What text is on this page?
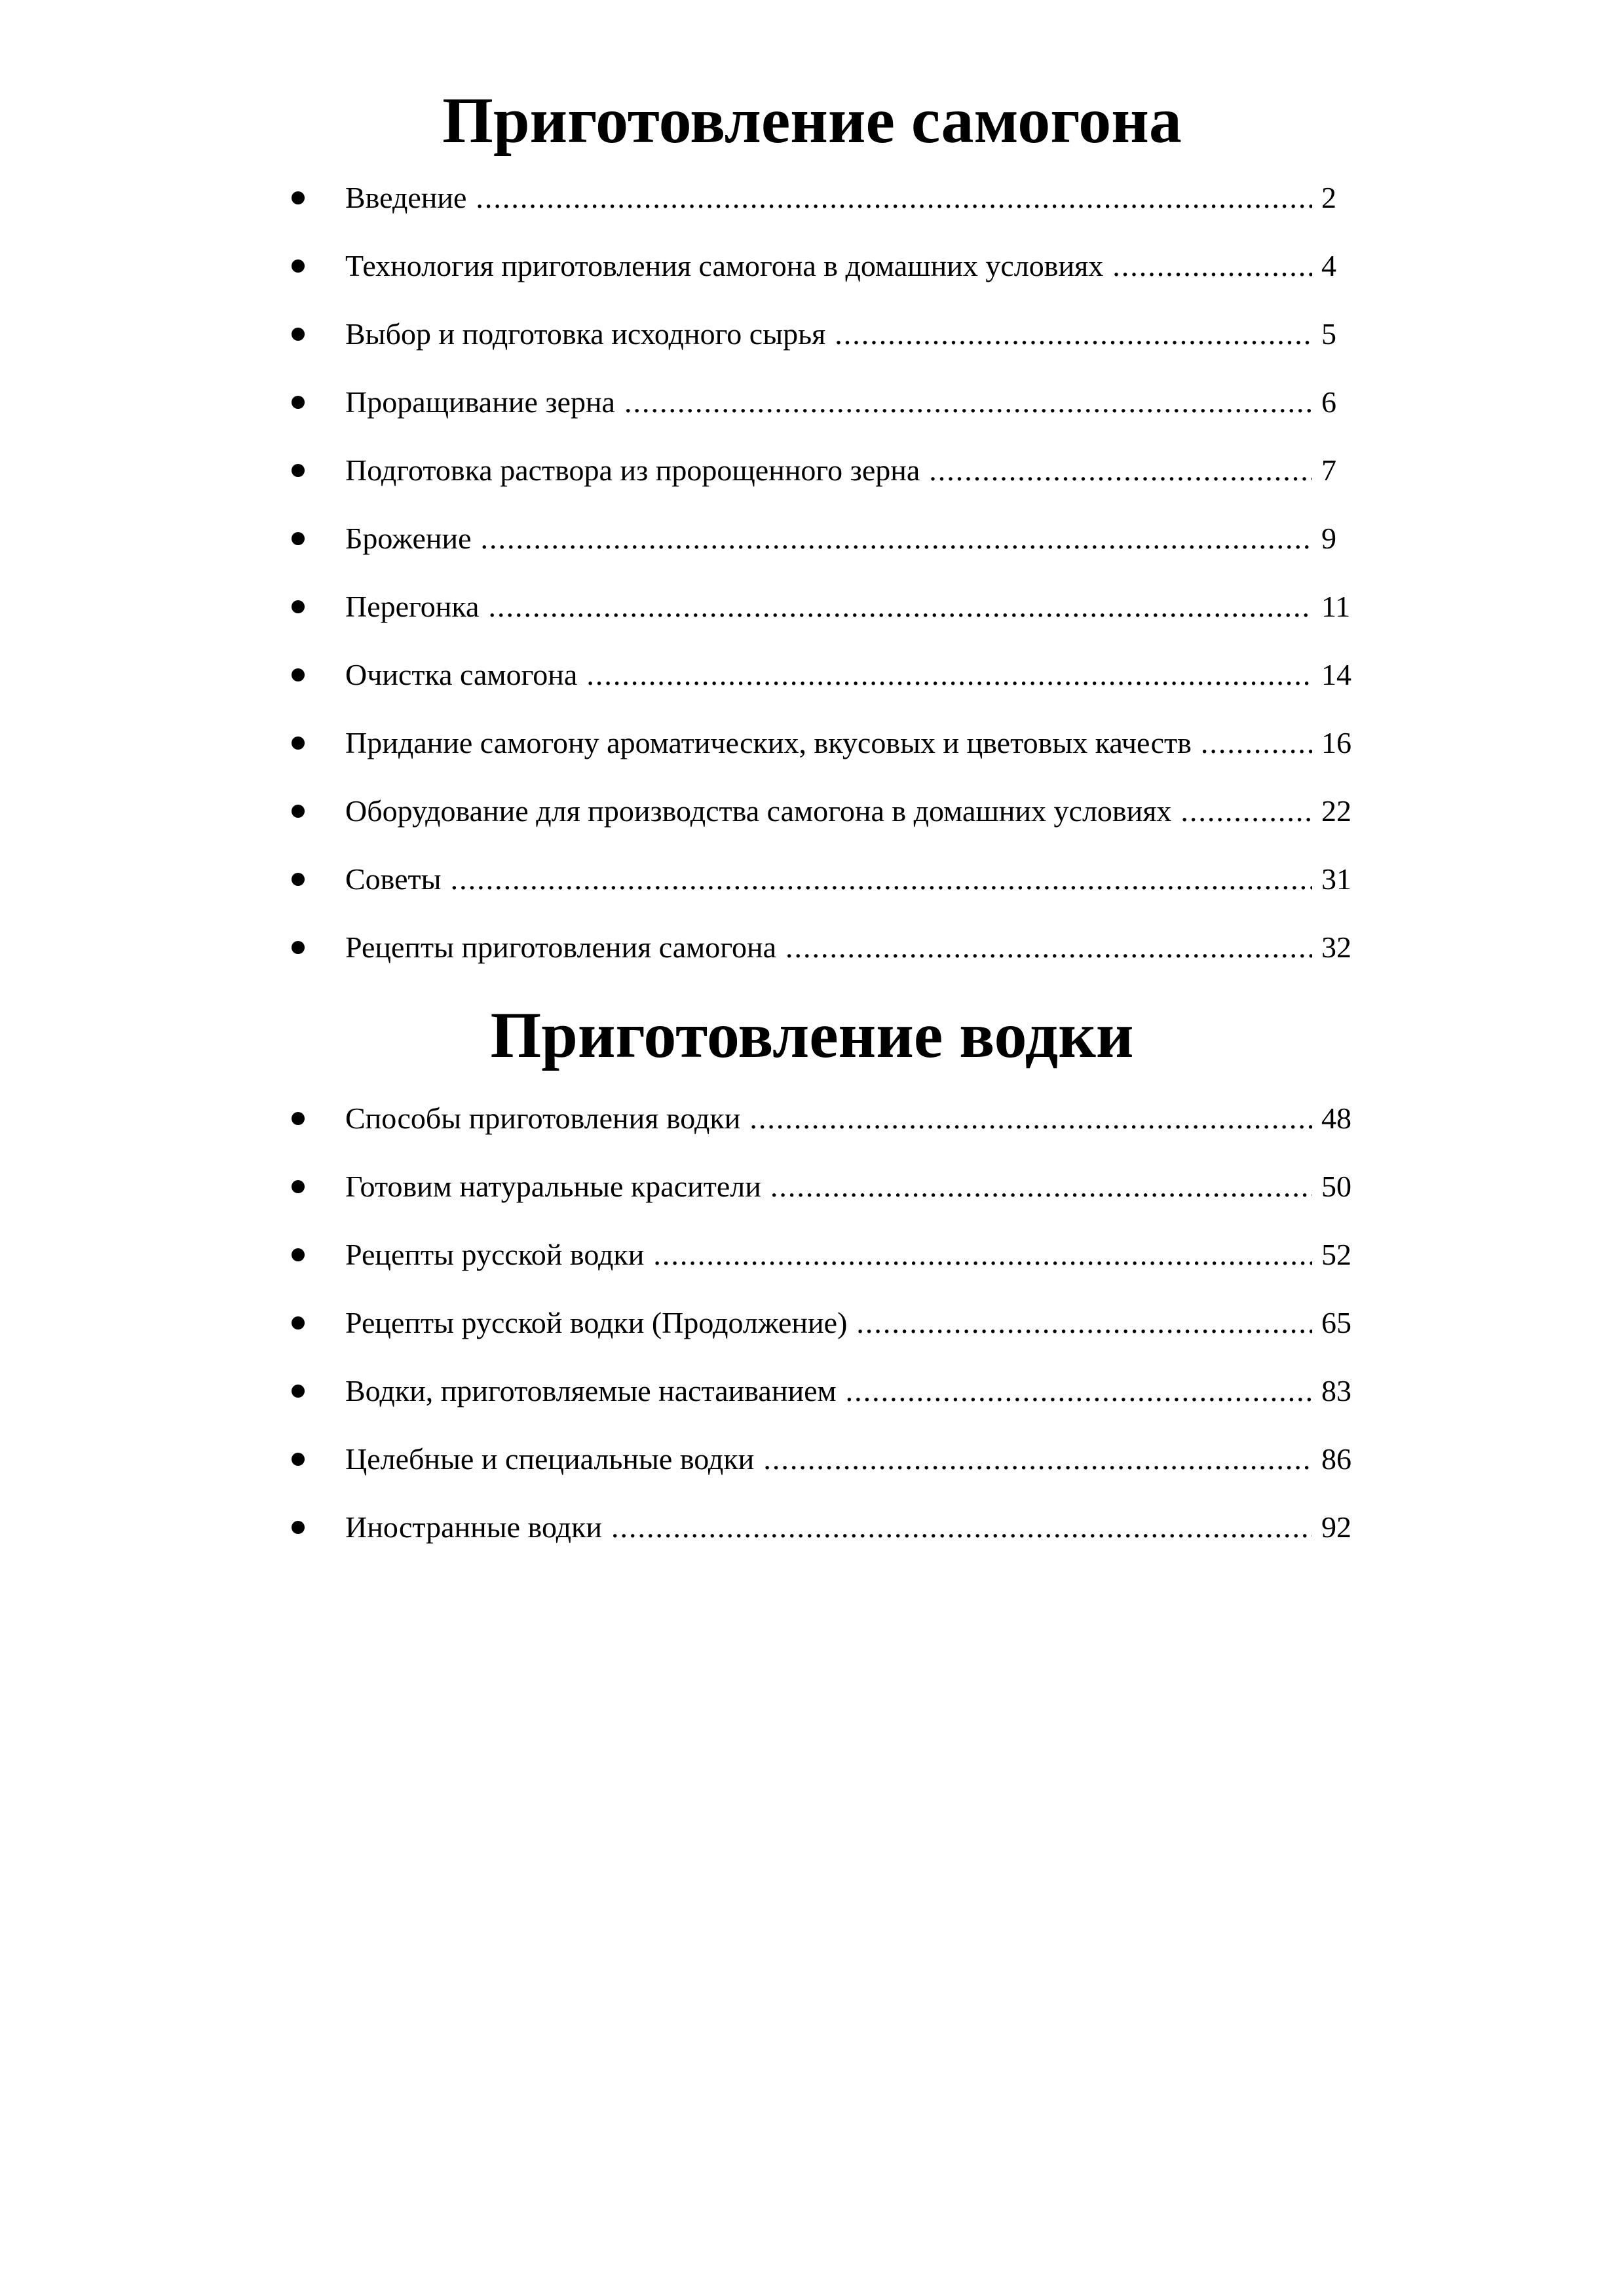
Приготовление самогона
Введение .....	2
Технология приготовления самогона в домашних условиях .....	4
Выбор и подготовка исходного сырья .....	5
Проращивание зерна .....	6
Подготовка раствора из пророщенного зерна .....	7
Брожение .....	9
Перегонка .....	11
Очистка самогона .....	14
Придание самогону ароматических, вкусовых и цветовых качеств .....	16
Оборудование для производства самогона в домашних условиях .....	22
Советы .....	31
Рецепты приготовления самогона .....	32
Приготовление водки
Способы приготовления водки .....	48
Готовим натуральные красители .....	50
Рецепты русской водки .....	52
Рецепты русской водки (Продолжение) .....	65
Водки, приготовляемые настаиванием .....	83
Целебные и специальные водки .....	86
Иностранные водки .....	92
